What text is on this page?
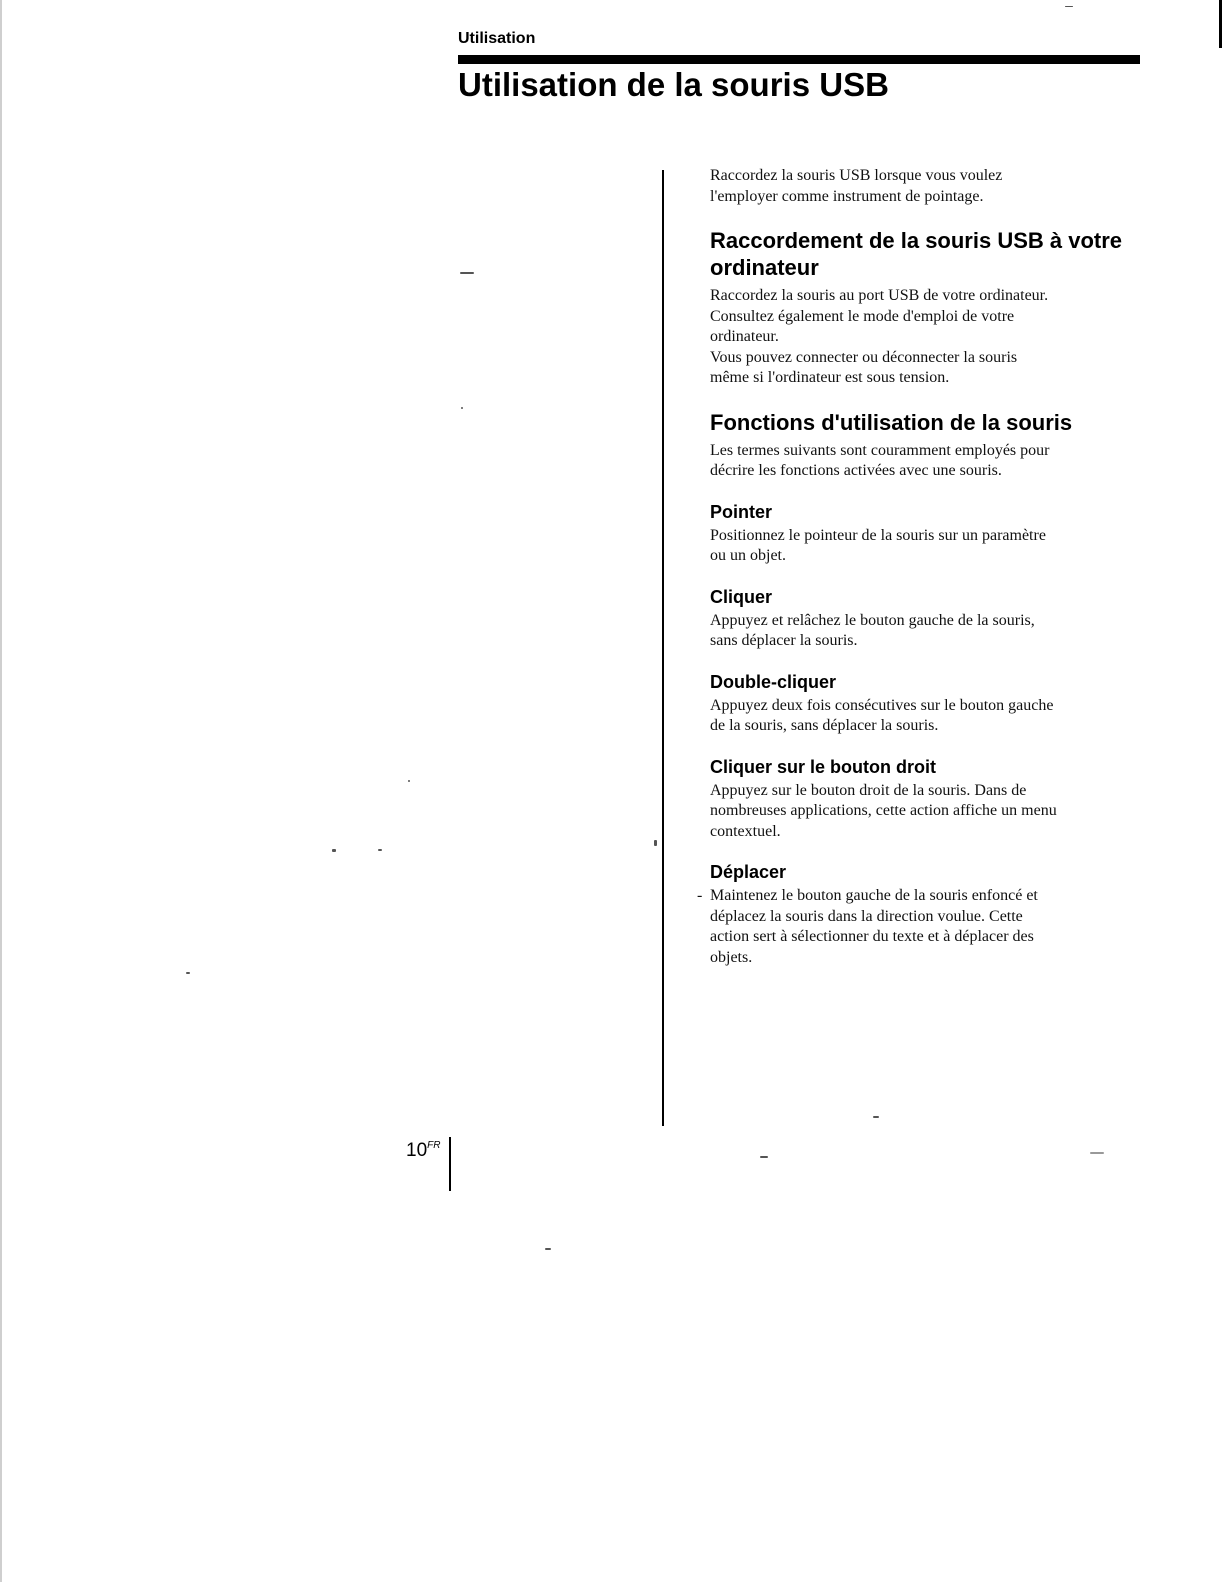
Utilisation
Utilisation de la souris USB

Raccordez la souris USB lorsque vous voulez
l'employer comme instrument de pointage.

Raccordement de la souris USB à votre
ordinateur

Raccordez la souris au port USB de votre ordinateur.
Consultez également le mode d'emploi de votre
ordinateur.
Vous pouvez connecter ou déconnecter la souris
même si l'ordinateur est sous tension.

Fonctions d'utilisation de la souris

Les termes suivants sont couramment employés pour
décrire les fonctions activées avec une souris.

Pointer

Positionnez le pointeur de la souris sur un paramètre
ou un objet.

Cliquer

Appuyez et relâchez le bouton gauche de la souris,
sans déplacer la souris.

Double-cliquer

Appuyez deux fois consécutives sur le bouton gauche
de la souris, sans déplacer la souris.

Cliquer sur le bouton droit

Appuyez sur le bouton droit de la souris. Dans de
nombreuses applications, cette action affiche un menu
contextuel.

Déplacer

- Maintenez le bouton gauche de la souris enfoncé et
déplacez la souris dans la direction voulue. Cette
action sert à sélectionner du texte et à déplacer des
objets.

$10^{FR}$
